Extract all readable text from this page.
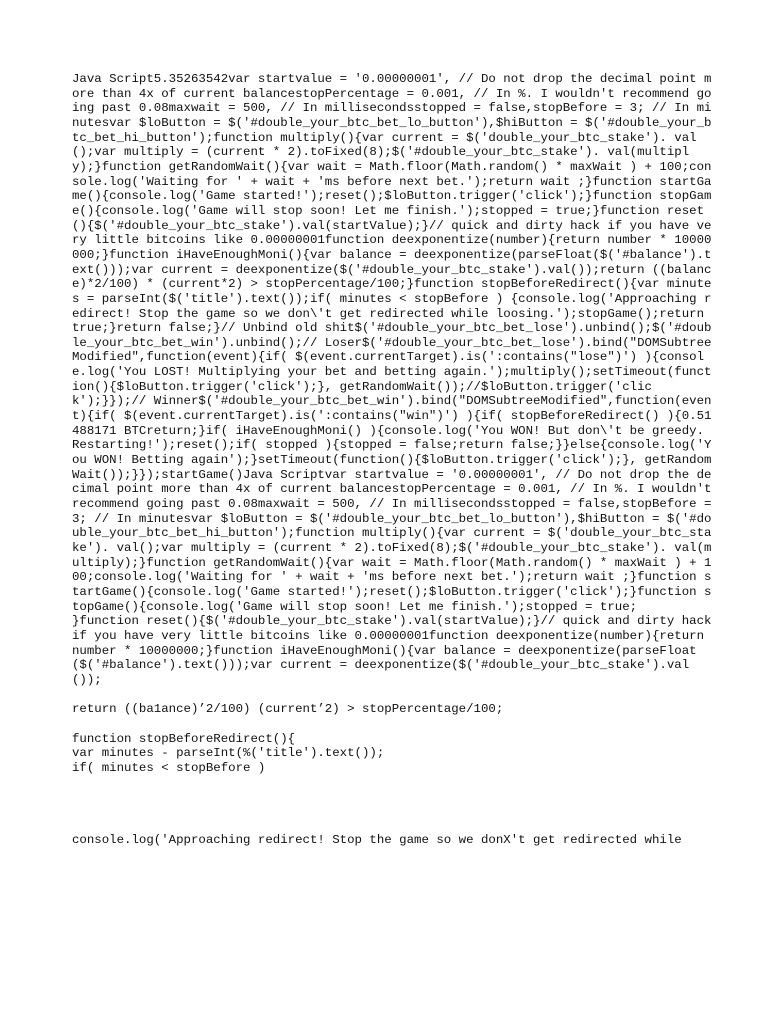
Java Script5.35263542var startvalue = '0.00000001', // Do not drop the decimal point more than 4x of current balancestopPercentage = 0.001, // In %. I wouldn't recommend going past 0.08maxwait = 500, // In millisecondsstopped = false,stopBefore = 3; // In minutesvar $loButton = $('#double_your_btc_bet_lo_button'),$hiButton = $('#double_your_btc_bet_hi_button');function multiply(){var current = $('double_your_btc_stake'). val();var multiply = (current * 2).toFixed(8);$('#double_your_btc_stake'). val(multiply);}function getRandomWait(){var wait = Math.floor(Math.random() * maxWait ) + 100;console.log('Waiting for ' + wait + 'ms before next bet.');return wait ;}function startGame(){console.log('Game started!');reset();$loButton.trigger('click');}function stopGame(){console.log('Game will stop soon! Let me finish.');stopped = true;}function reset(){$('#double_your_btc_stake').val(startValue);}// quick and dirty hack if you have very little bitcoins like 0.00000001function deexponentize(number){return number * 10000000;}function iHaveEnoughMoni(){var balance = deexponentize(parseFloat($('#balance').text()));var current = deexponentize($('#double_your_btc_stake').val());return ((balance)*2/100) * (current*2) > stopPercentage/100;}function stopBeforeRedirect(){var minutes = parseInt($('title').text());if( minutes < stopBefore ) {console.log('Approaching redirect! Stop the game so we don\'t get redirected while loosing.');stopGame();return true;}return false;}// Unbind old shit$('#double_your_btc_bet_lose').unbind();$('#double_your_btc_bet_win').unbind();// Loser$('#double_your_btc_bet_lose').bind("DOMSubtreeModified",function(event){if( $(event.currentTarget).is(':contains("lose")') ){console.log('You LOST! Multiplying your bet and betting again.');multiply();setTimeout(function(){$loButton.trigger('click');}, getRandomWait());//$loButton.trigger('click');}});// Winner$('#double_your_btc_bet_win').bind("DOMSubtreeModified",function(event){if( $(event.currentTarget).is(':contains("win")') ){if( stopBeforeRedirect() ){0.51488171 BTCreturn;}if( iHaveEnoughMoni() ){console.log('You WON! But don\'t be greedy. Restarting!');reset();if( stopped ){stopped = false;return false;}}else{console.log('You WON! Betting again');}setTimeout(function(){$loButton.trigger('click');}, getRandomWait());}});startGame()Java Scriptvar startvalue = '0.00000001', // Do not drop the decimal point more than 4x of current balancestopPercentage = 0.001, // In %. I wouldn't recommend going past 0.08maxwait = 500, // In millisecondsstopped = false,stopBefore = 3; // In minutesvar $loButton = $('#double_your_btc_bet_lo_button'),$hiButton = $('#double_your_btc_bet_hi_button');function multiply(){var current = $('double_your_btc_stake'). val();var multiply = (current * 2).toFixed(8);$('#double_your_btc_stake'). val(multiply);}function getRandomWait(){var wait = Math.floor(Math.random() * maxWait ) + 100;console.log('Waiting for ' + wait + 'ms before next bet.');return wait ;}function startGame(){console.log('Game started!');reset();$loButton.trigger('click');}function stopGame(){console.log('Game will stop soon! Let me finish.');stopped = true;
}function reset(){$('#double_your_btc_stake').val(startValue);}// quick and dirty hack if you have very little bitcoins like 0.00000001function deexponentize(number){return number * 10000000;}function iHaveEnoughMoni(){var balance = deexponentize(parseFloat($('#balance').text()));var current = deexponentize($('#double_your_btc_stake').val());

return ((ba1ance)’2/100) (current’2) > stopPercentage/100;

function stopBeforeRedirect(){

var minutes - parseInt(%('title').text());

if( minutes < stopBefore )

console.log('Approaching redirect! Stop the game so we donX't get redirected while
